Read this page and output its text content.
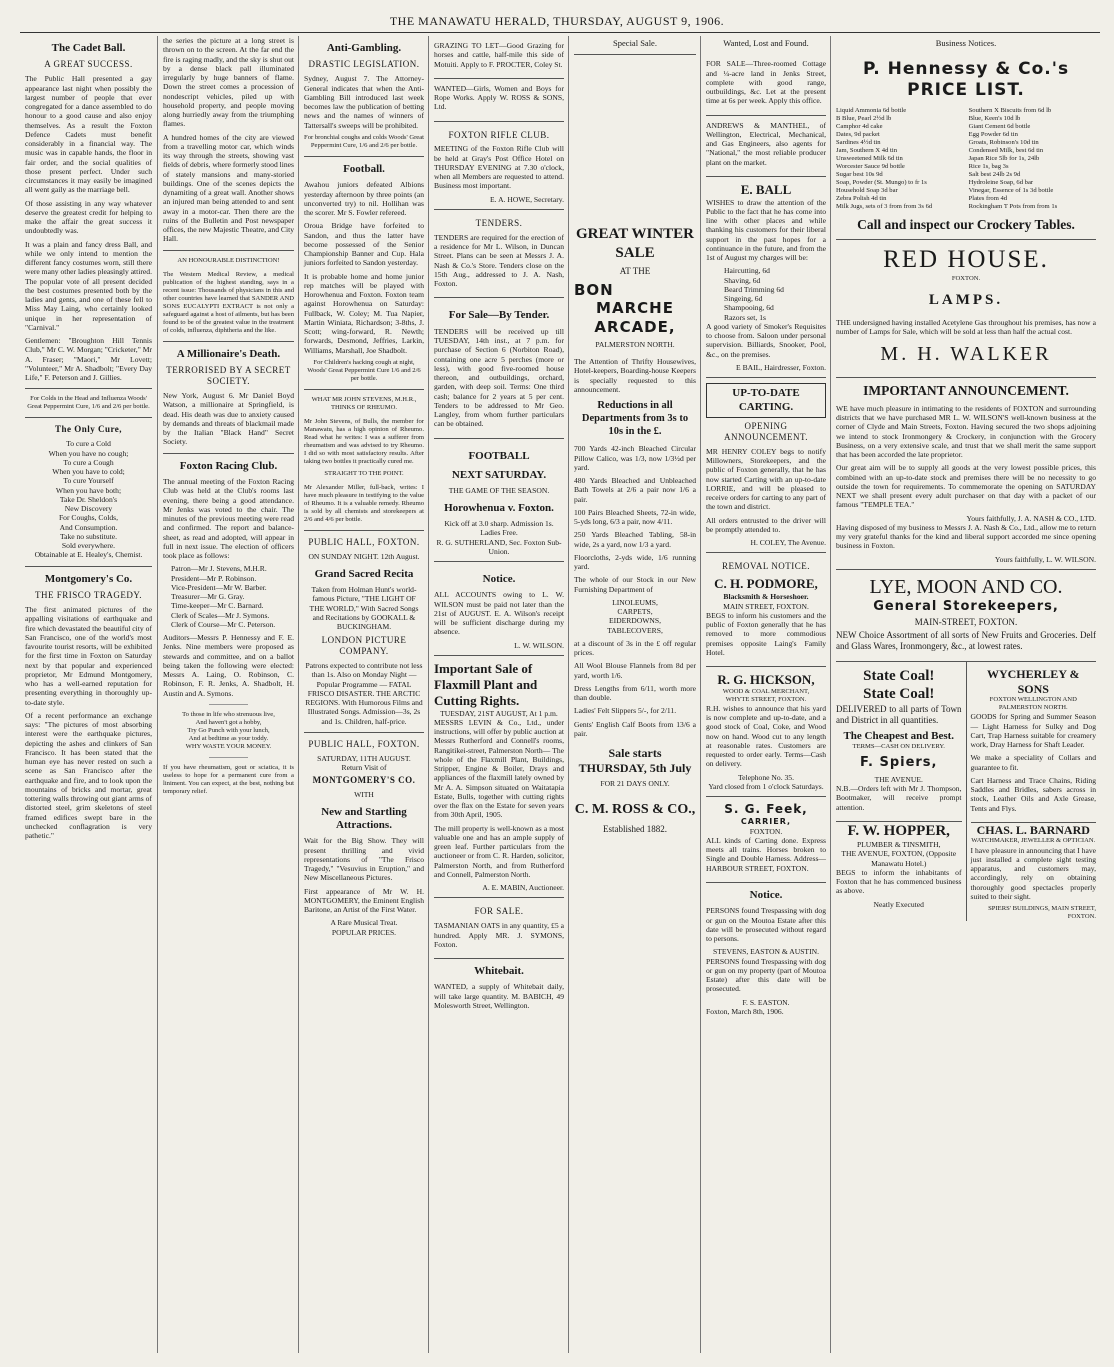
THE MANAWATU HERALD, THURSDAY, AUGUST 9, 1906.
The Cadet Ball.
A GREAT SUCCESS.

The Public Hall presented a gay appearance last night when possibly the largest number of people that ever congregated for a dance assembled to do honour to a good cause and also enjoy themselves. As a result the Foxton Defence Cadets must benefit considerably in a financial way. The music was in capable hands, the floor in fair order, and the social qualities of those present perfect. Under such circumstances it may easily be imagined all went gaily as the marriage bell.

Of those assisting in any way whatever deserve the greatest credit for helping to make the affair the great success it undoubtedly was.

It was a plain and fancy dress Ball, and while we only intend to mention the different fancy costumes worn, still there were many other ladies pleasingly attired. The popular vote of all present decided the best costumes presented both by the ladies and gents, and one of these fell to Miss May Laing, who certainly looked unique in her representation of "Carnival."

Gentlemen: "Broughton Hill Tennis Club," Mr C. W. Morgan; "Cricketer," Mr A. Fraser; "Maori," Mr Lovett; "Volunteer," Mr A. Shadbolt; "Every Day Life," F. Peterson and J. Gillies.

For Colds in the Head and Influenza Woods' Great Peppermint Cure, 1/6 and 2/6 per bottle.

The Only Cure,
To cure a Cold
When you have no cough;
To cure a Cough
When you have to cold;
To cure Yourself
When you have both;
Take Dr. Sheldon's
New Discovery
For Coughs, Colds,
And Consumption.
Take no substitute.
Sold everywhere.
Obtainable at E. Healey's, Chemist.
Montgomery's Co.
THE FRISCO TRAGEDY.

The first animated pictures of the appalling visitations of earthquake and fire which devastated the beautiful city of San Francisco, one of the world's most favourite tourist resorts, will be exhibited for the first time in Foxton on Saturday next by that popular and experienced proprietor, Mr Edmund Montgomery, who has a well-earned reputation for presenting everything in thoroughly up-to-date style.

Of a recent performance an exchange says: "The pictures of most absorbing interest were the earthquake pictures, depicting the ashes and clinkers of San Francisco. It has been stated that the human eye has never rested on such a scene as San Francisco after the earthquake and fire, and to look upon the mountains of bricks and mortar, great tottering walls throwing out giant arms of distorted steel, grim skeletons of steel framed edifices swept bare in the unchecked conflagration is very pathetic."

the series the picture at a long street is thrown on to the screen. At the far end the fire is raging madly, and the sky is shut out by a dense black pall illuminated irregularly by huge banners of flame. Down the street comes a procession of nondescript vehicles, piled up with household property, and people moving along hurriedly away from the triumphing flames.

A hundred homes of the city are viewed from a travelling motor car, which winds its way through the streets, showing vast fields of debris, where formerly stood lines of stately mansions and many-storied buildings. One of the scenes depicts the dynamiting of a great wall. Another shows an injured man being attended to and sent away in a motor-car. Then there are the ruins of the Bulletin and Post newspaper offices, the new Majestic Theatre, and City Hall.

AN HONOURABLE DISTINCTION!

The Western Medical Review, a medical publication of the highest standing, says in a recent issue: Thousands of physicians in this and other countries have learned that SANDER AND SONS EUCALYPTI EXTRACT is not only a safeguard against a host of ailments, but has been found to be of the greatest value in the treatment of colds, influenza, diphtheria and the like.

A Millionaire's Death.
TERRORISED BY A SECRET SOCIETY.

New York, August 6. Mr Daniel Boyd Watson, a millionaire at Springfield, is dead. His death was due to anxiety caused by demands and threats of blackmail made by the Italian "Black Hand" Secret Society.

Foxton Racing Club.

The annual meeting of the Foxton Racing Club was held at the Club's rooms last evening, there being a good attendance. Mr Jenks was voted to the chair. The minutes of the previous meeting were read and confirmed. The report and balance-sheet, as read and adopted, will appear in full in next issue. The election of officers took place as follows:

Patron—Mr J. Stevens, M.H.R.
President—Mr P. Robinson.
Vice-President—Mr W. Barber.
Treasurer—Mr G. Gray.
Time-keeper—Mr C. Barnard.
Clerk of Scales—Mr J. Symons.
Clerk of Course—Mr C. Peterson.

Auditors—Messrs P. Hennessy and F. E. Jenks. Nine members were proposed as stewards and committee, and on a ballot being taken the following were elected: Messrs A. Laing, O. Robinson, C. Robinson, F. R. Jenks, A. Shadbolt, H. Austin and A. Symons.

To those in life who strenuous live,
And haven't got a hobby,
Try Go Punch with your lunch,
And at bedtime as your toddy.
WHY WASTE YOUR MONEY.

If you have rheumatism, gout or sciatica, it is useless to hope for a permanent cure from a liniment. You can expect, at the best, nothing but temporary relief.

Anti-Gambling.
DRASTIC LEGISLATION.

Sydney, August 7. The Attorney-General indicates that when the Anti-Gambling Bill introduced last week becomes law the publication of betting news and the names of winners of Tattersall's sweeps will be prohibited.

For bronchial coughs and colds Woods' Great Peppermint Cure, 1/6 and 2/6 per bottle.

Football.

Awahou juniors defeated Albions yesterday afternoon by three points (an unconverted try) to nil. Hollihan was the scorer. Mr S. Fowler refereed.

Oroua Bridge have forfeited to Sandon, and thus the latter have become possessed of the Senior Championship Banner and Cup. Hala juniors forfeited to Sandon yesterday.

It is probable home and home junior rep matches will be played with Horowhenua and Foxton. Foxton team against Horowhenua on Saturday: Fullback, W. Coley; M. Tua Napier, Martin Winiata, Richardson; 3-8ths, J. Scott; wing-forward, R. Newth; forwards, Desmond, Jeffries, Larkin, Williams, Marshall, Joe Shadbolt.

For Children's hacking cough at night, Woods' Great Peppermint Cure 1/6 and 2/6 per bottle.

WHAT MR JOHN STEVENS, M.H.R., THINKS OF RHEUMO.

Mr John Stevens, of Bulls, the member for Manawatu, has a high opinion of Rheumo. Read what he writes: I was a sufferer from rheumatism and was advised to try Rheumo. I did so with most satisfactory results. After taking two bottles it practically cured me.

STRAIGHT TO THE POINT.

Mr Alexander Miller, full-back, writes: I have much pleasure in testifying to the value of Rheumo. It is a valuable remedy. Rheumo is sold by all chemists and storekeepers at 2/6 and 4/6 per bottle.

PUBLIC HALL, FOXTON.
ON SUNDAY NIGHT. 12th August.
Grand Sacred Recita

Taken from Holman Hunt's world-famous Picture, "THE LIGHT OF THE WORLD," With Sacred Songs and Recitations by GOOKALL & BUCKINGHAM.

LONDON PICTURE COMPANY.

Patrons expected to contribute not less than 1s. Also on Monday Night — Popular Programme — FATAL FRISCO DISASTER. THE ARCTIC REGIONS. With Humorous Films and Illustrated Songs. Admission—3s, 2s and 1s. Children, half-price.

PUBLIC HALL, FOXTON.
SATURDAY, 11TH AUGUST.
Return Visit of
MONTGOMERY'S CO.
WITH
New and Startling Attractions.

Wait for the Big Show. They will present thrilling and vivid representations of "The Frisco Tragedy," "Vesuvius in Eruption," and New Miscellaneous Pictures.

First appearance of Mr W. H. MONTGOMERY, the Eminent English Baritone, an Artist of the First Water.

A Rare Musical Treat.
POPULAR PRICES.

GRAZING TO LET—Good Grazing for horses and cattle, half-mile this side of Motuiti. Apply to F. PROCTER, Coley St.

WANTED—Girls, Women and Boys for Rope Works. Apply W. ROSS & SONS, Ltd.

FOXTON RIFLE CLUB.

MEETING of the Foxton Rifle Club will be held at Gray's Post Office Hotel on THURSDAY EVENING at 7.30 o'clock, when all Members are requested to attend. Business most important.

E. A. HOWE, Secretary.
TENDERS.

TENDERS are required for the erection of a residence for Mr L. Wilson, in Duncan Street. Plans can be seen at Messrs J. A. Nash & Co.'s Store. Tenders close on the 15th Aug., addressed to J. A. Nash, Foxton.

For Sale—By Tender.

TENDERS will be received up till TUESDAY, 14th inst., at 7 p.m. for purchase of Section 6 (Norbiton Road), containing one acre 5 perches (more or less), with good five-roomed house thereon, and outbuildings, orchard, garden, with deep soil. Terms: One third cash; balance for 2 years at 5 per cent. Tenders to be addressed to Mr Geo. Langley, from whom further particulars can be obtained.

FOOTBALL
NEXT SATURDAY.
THE GAME OF THE SEASON.
Horowhenua v. Foxton.
Kick off at 3.0 sharp. Admission 1s. Ladies Free.
R. G. SUTHERLAND, Sec. Foxton Sub-Union.
Notice.

ALL ACCOUNTS owing to L. W. WILSON must be paid not later than the 21st of AUGUST. E. A. Wilson's receipt will be sufficient discharge during my absence.

L. W. WILSON.
Important Sale of Flaxmill Plant and Cutting Rights.
TUESDAY, 21ST AUGUST, At 1 p.m.

MESSRS LEVIN & Co., Ltd., under instructions, will offer by public auction at Messrs Rutherford and Connell's rooms, Rangitikei-street, Palmerston North— The whole of the Flaxmill Plant, Buildings, Stripper, Engine & Boiler, Drays and appliances of the flaxmill lately owned by Mr A. A. Simpson situated on Waitatapia Estate, Bulls, together with cutting rights over the flax on the Estate for seven years from 30th April, 1905.

The mill property is well-known as a most valuable one and has an ample supply of green leaf. Further particulars from the auctioneer or from C. R. Harden, solicitor, Palmerston North, and from Rutherford and Connell, Palmerston North.

A. E. MABIN, Auctioneer.
FOR SALE.

TASMANIAN OATS in any quantity, £5 a hundred. Apply MR. J. SYMONS, Foxton.

Whitebait.

WANTED, a supply of Whitebait daily, will take large quantity. M. BABICH, 49 Molesworth Street, Wellington.

Special Sale.
GREAT WINTER SALE
AT THE
BON
MARCHE
ARCADE,
PALMERSTON NORTH.

The Attention of Thrifty Housewives, Hotel-keepers, Boarding-house Keepers is specially requested to this announcement.

Reductions in all Departments from 3s to 10s in the £.

700 Yards 42-inch Bleached Circular Pillow Calico, was 1/3, now 1/3½d per yard.

480 Yards Bleached and Unbleached Bath Towels at 2/6 a pair now 1/6 a pair.

100 Pairs Bleached Sheets, 72-in wide, 5-yds long, 6/3 a pair, now 4/11.

250 Yards Bleached Tabling, 58-in wide, 2s a yard, now 1/3 a yard.

Floorcloths, 2-yds wide, 1/6 running yard.

The whole of our Stock in our New Furnishing Department of

LINOLEUMS,
CARPETS,
EIDERDOWNS,
TABLECOVERS,

at a discount of 3s in the £ off regular prices.

All Wool Blouse Flannels from 8d per yard, worth 1/6.

Dress Lengths from 6/11, worth more than double.

Ladies' Felt Slippers 5/-, for 2/11.

Gents' English Calf Boots from 13/6 a pair.

Sale starts THURSDAY, 5th July
FOR 21 DAYS ONLY.
C. M. ROSS & CO.,
Established 1882.
Wanted, Lost and Found.

FOR SALE—Three-roomed Cottage and ¼-acre land in Jenks Street, complete with good range, outbuildings, &c. Let at the present time at 6s per week. Apply this office.

ANDREWS & MANTHEL, of Wellington, Electrical, Mechanical, and Gas Engineers, also agents for "National," the most reliable producer plant on the market.

E. BALL

WISHES to draw the attention of the Public to the fact that he has come into line with other places and while thanking his customers for their liberal support in the past hopes for a continuance in the future, and from the 1st of August my charges will be:

Haircutting, 6d
Shaving, 6d
Beard Trimming 6d
Singeing, 6d
Shampooing, 6d
Razors set, 1s

A good variety of Smoker's Requisites to choose from. Saloon under personal supervision. Billiards, Snooker, Pool, &c., on the premises.

E BAIL, Hairdresser, Foxton.
UP-TO-DATE CARTING.
OPENING ANNOUNCEMENT.

MR HENRY COLEY begs to notify Millowners, Storekeepers, and the public of Foxton generally, that he has now started Carting with an up-to-date LORRIE, and will be pleased to receive orders for carting to any part of the town and district.

All orders entrusted to the driver will be promptly attended to.

H. COLEY, The Avenue.
REMOVAL NOTICE.
C. H. PODMORE,
Blacksmith & Horseshoer.
MAIN STREET, FOXTON.

BEGS to inform his customers and the public of Foxton generally that he has removed to more commodious premises opposite Laing's Family Hotel.

R. G. HICKSON,
WOOD & COAL MERCHANT,
WHYTE STREET, FOXTON.

R.H. wishes to announce that his yard is now complete and up-to-date, and a good stock of Coal, Coke, and Wood now on hand. Wood cut to any length at reasonable rates. Customers are requested to order early. Terms—Cash on delivery.

Telephone No. 35.
Yard closed from 1 o'clock Saturdays.
S. G. Feek,
CARRIER,
FOXTON.

ALL kinds of Carting done. Express meets all trains. Horses broken to Single and Double Harness. Address—HARBOUR STREET, FOXTON.

Notice.

PERSONS found Trespassing with dog or gun on the Moutoa Estate after this date will be prosecuted without regard to persons.

STEVENS, EASTON & AUSTIN.

PERSONS found Trespassing with dog or gun on my property (part of Moutoa Estate) after this date will be prosecuted.

F. S. EASTON.
Foxton, March 8th, 1906.
Business Notices.
P. Hennessy & Co.'s
PRICE LIST.
Liquid Ammonia 6d bottle
B Blue, Pearl 2½d lb
Camphor 4d cake
Dates, 9d packet
Sardines 4½d tin
Jam, Southern X 4d tin
Unsweetened Milk 6d tin
Worcester Sauce 9d bottle
Sugar best 10s 9d
Soap, Powder (St. Mungo) to fr 1s
Household Soap 3d bar
Zebra Polish 4d tin
Milk Jugs, sets of 3 from from 3s 6d
Southern X Biscuits from 6d lb
Blue, Keen's 10d lb
Giant Cement 6d bottle
Egg Powder 6d tin
Groats, Robinson's 10d tin
Condensed Milk, best 6d tin
Japan Rice 5lb for 1s, 24lb
Rice 1s, bag 3s
Salt best 24lb 2s 9d
Hydroleine Soap, 6d bar
Vinegar, Essence of 1s 3d bottle
Plates from 4d
Rockingham T Pots from from 1s
Call and inspect our Crockery Tables.
RED HOUSE.
FOXTON.
LAMPS.

THE undersigned having installed Acetylene Gas throughout his premises, has now a number of Lamps for Sale, which will be sold at less than half the actual cost.

M. H. WALKER
IMPORTANT ANNOUNCEMENT.

WE have much pleasure in intimating to the residents of FOXTON and surrounding districts that we have purchased MR L. W. WILSON'S well-known business at the corner of Clyde and Main Streets, Foxton. Having secured the two shops adjoining we intend to stock Ironmongery & Crockery, in conjunction with the Grocery Business, on a very extensive scale, and trust that we shall merit the same support that has been accorded the late proprietor.

Our great aim will be to supply all goods at the very lowest possible prices, this combined with an up-to-date stock and premises there will be no necessity to go outside the town for requirements. To commemorate the opening on SATURDAY NEXT we shall present every adult purchaser on that day with a packet of our famous "TEMPLE TEA."

Yours faithfully, J. A. NASH & CO., LTD.

Having disposed of my business to Messrs J. A. Nash & Co., Ltd., allow me to return my very grateful thanks for the kind and liberal support accorded me since opening business in Foxton.

Yours faithfully, L. W. WILSON.
LYE, MOON AND CO.
General Storekeepers,
MAIN-STREET, FOXTON.

NEW Choice Assortment of all sorts of New Fruits and Groceries. Delf and Glass Wares, Ironmongery, &c., at lowest rates.

State Coal!
State Coal!

DELIVERED to all parts of Town and District in all quantities.

The Cheapest and Best.
TERMS—CASH ON DELIVERY.
F. Spiers,
THE AVENUE.

N.B.—Orders left with Mr J. Thompson, Bootmaker, will receive prompt attention.

F. W. HOPPER,
PLUMBER & TINSMITH,
THE AVENUE, FOXTON, (Opposite Manawatu Hotel.)

BEGS to inform the inhabitants of Foxton that he has commenced business as above.

Neatly Executed
WYCHERLEY & SONS
FOXTON WELLINGTON AND PALMERSTON NORTH.

GOODS for Spring and Summer Season— Light Harness for Sulky and Dog Cart, Trap Harness suitable for creamery work, Dray Harness for Shaft Leader.

We make a speciality of Collars and guarantee to fit.

Cart Harness and Trace Chains, Riding Saddles and Bridles, sabers across in stock, Leather Oils and Axle Grease, Tents and Flys.

CHAS. L. BARNARD
WATCHMAKER, JEWELLER & OPTICIAN.

I have pleasure in announcing that I have just installed a complete sight testing apparatus, and customers may, accordingly, rely on obtaining thoroughly good spectacles properly suited to their sight.

SPIERS' BUILDINGS, MAIN STREET, FOXTON.
